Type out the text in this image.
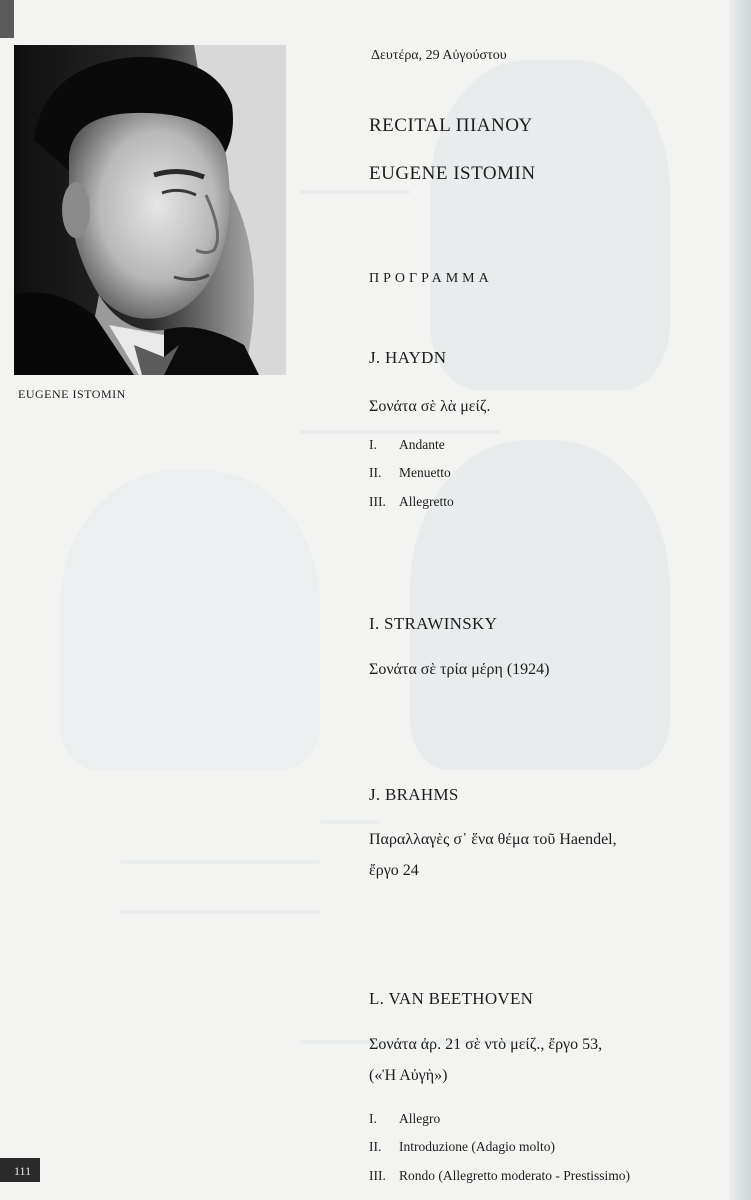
EUGENE ISTOMIN
Δευτέρα, 29 Αὐγούστου
RECITAL ΠΙΑΝΟΥ
EUGENE ISTOMIN
ΠΡΟΓΡΑΜΜΑ
J. HAYDN
Σονάτα σὲ λὰ μείζ.
I. Andante
II. Menuetto
III. Allegretto
I. STRAWINSKY
Σονάτα σὲ τρία μέρη (1924)
J. BRAHMS
Παραλλαγὲς σ᾿ ἕνα θέμα τοῦ Haendel,
ἔργο 24
L. VAN BEETHOVEN
Σονάτα ἀρ. 21 σὲ ντὸ μείζ., ἔργο 53,
(«Ἡ Αὐγὴ»)
I. Allegro
II. Introduzione (Adagio molto)
III. Rondo (Allegretto moderato - Prestissimo)
111
